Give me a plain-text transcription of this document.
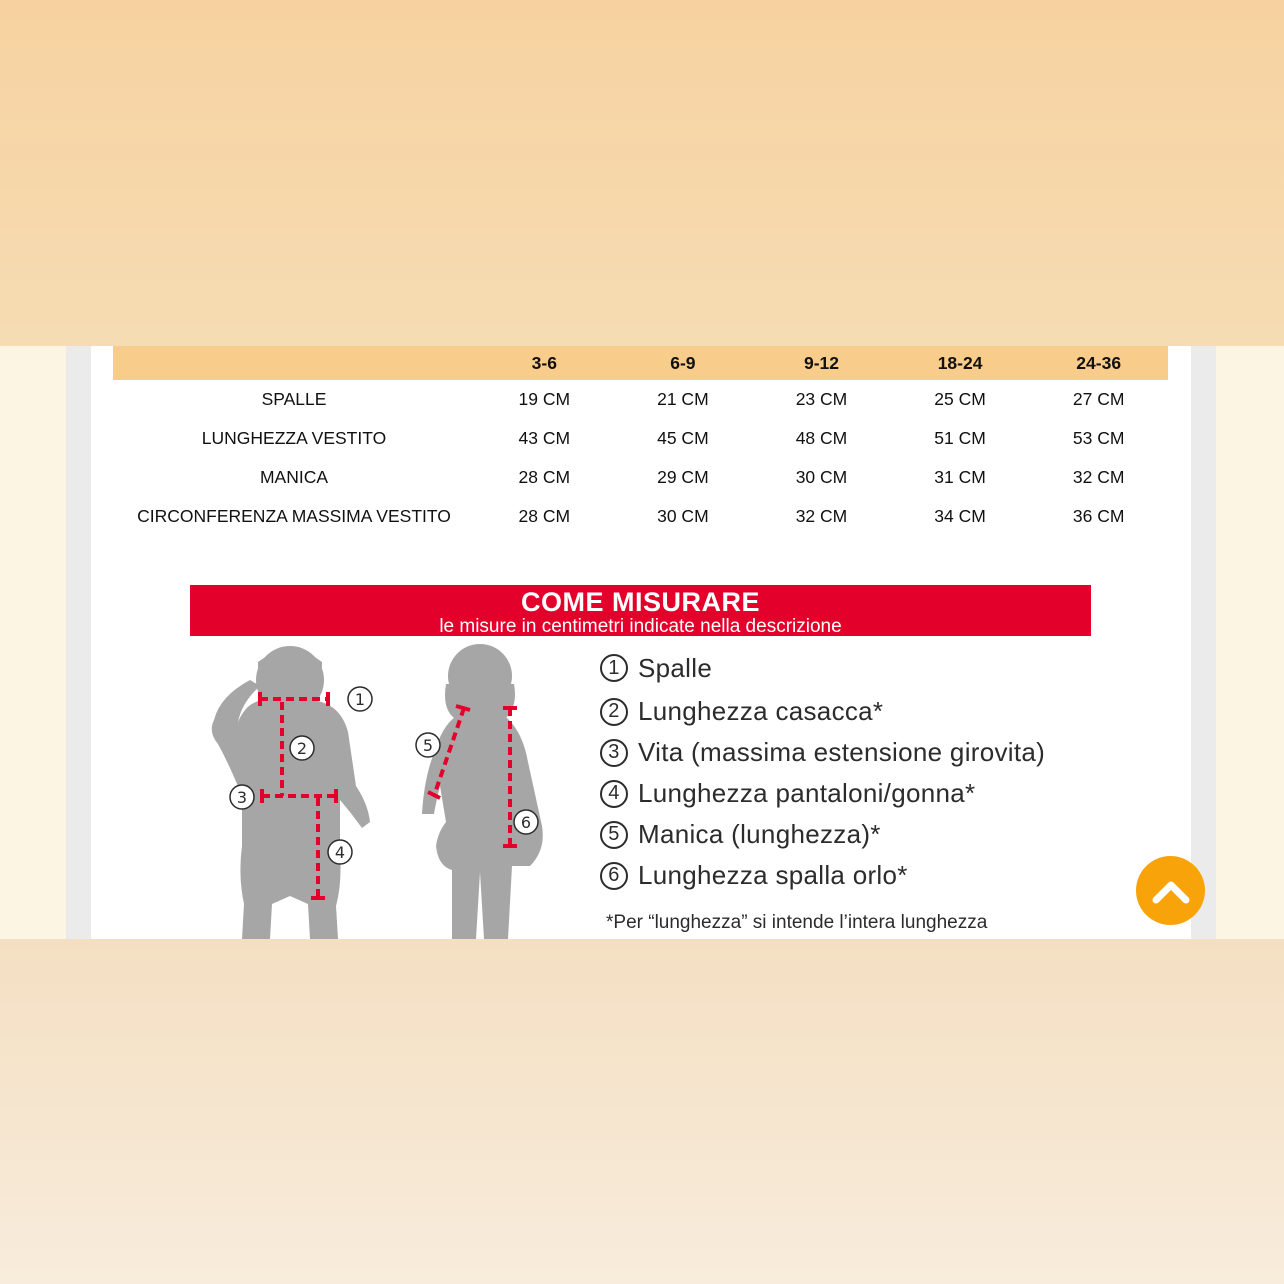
	3-6	6-9	9-12	18-24	24-36
SPALLE	19 CM	21 CM	23 CM	25 CM	27 CM
LUNGHEZZA VESTITO	43 CM	45 CM	48 CM	51 CM	53 CM
MANICA	28 CM	29 CM	30 CM	31 CM	32 CM
CIRCONFERENZA MASSIMA VESTITO	28 CM	30 CM	32 CM	34 CM	36 CM
COME MISURARE
le misure in centimetri indicate nella descrizione
1
2
3
4
5
6
1 Spalle
2 Lunghezza casacca*
3 Vita (massima estensione girovita)
4 Lunghezza pantaloni/gonna*
5 Manica (lunghezza)*
6 Lunghezza spalla orlo*
*Per “lunghezza” si intende l’intera lunghezza
